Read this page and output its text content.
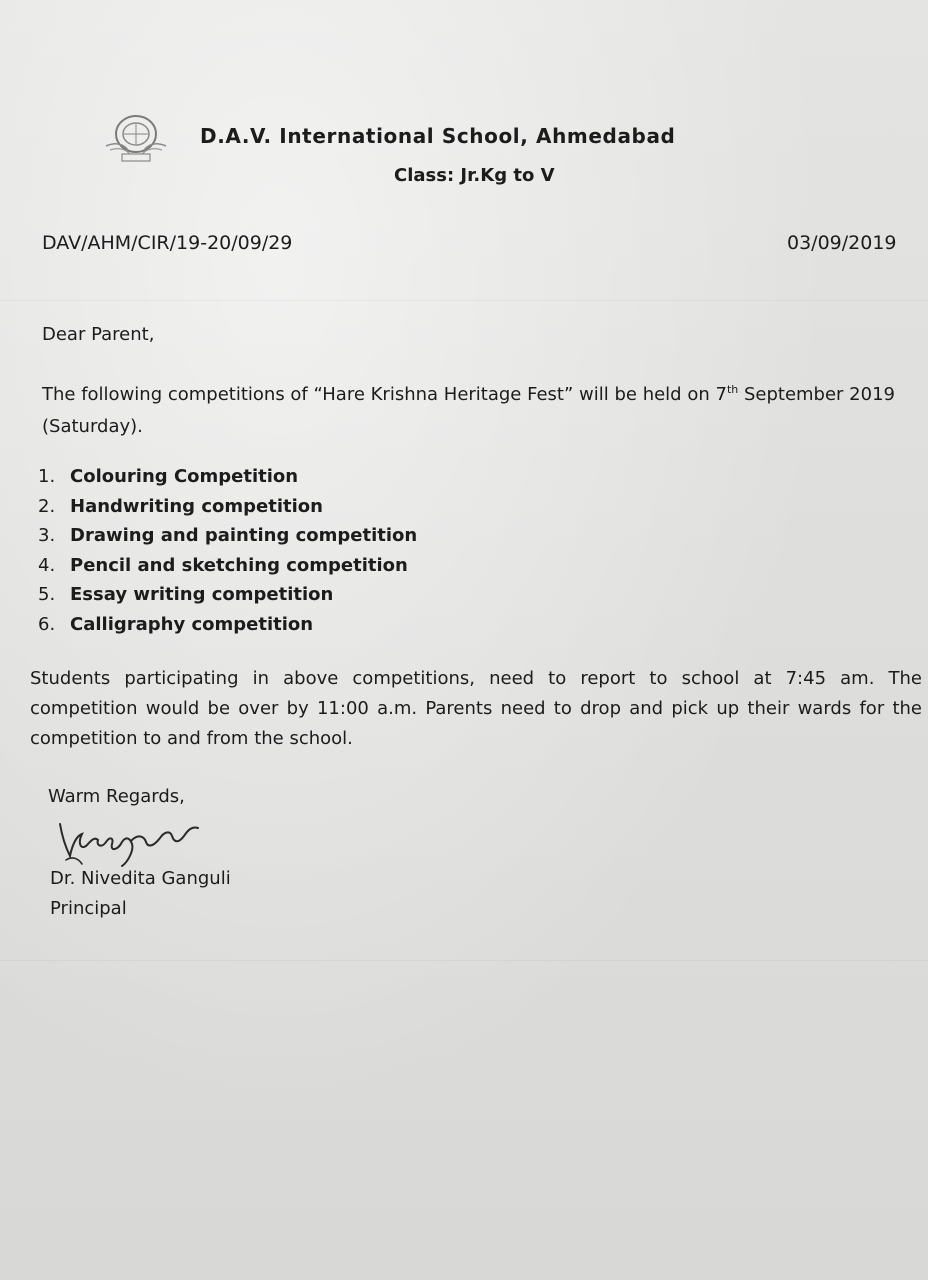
D.A.V. International School, Ahmedabad
Class: Jr.Kg to V
DAV/AHM/CIR/19-20/09/29	03/09/2019
Dear Parent,
The following competitions of “Hare Krishna Heritage Fest” will be held on 7th September 2019 (Saturday).
1. Colouring Competition
2. Handwriting competition
3. Drawing and painting competition
4. Pencil and sketching competition
5. Essay writing competition
6. Calligraphy competition
Students participating in above competitions, need to report to school at 7:45 am. The competition would be over by 11:00 a.m. Parents need to drop and pick up their wards for the competition to and from the school.
Warm Regards,
Dr. Nivedita Ganguli
Principal
